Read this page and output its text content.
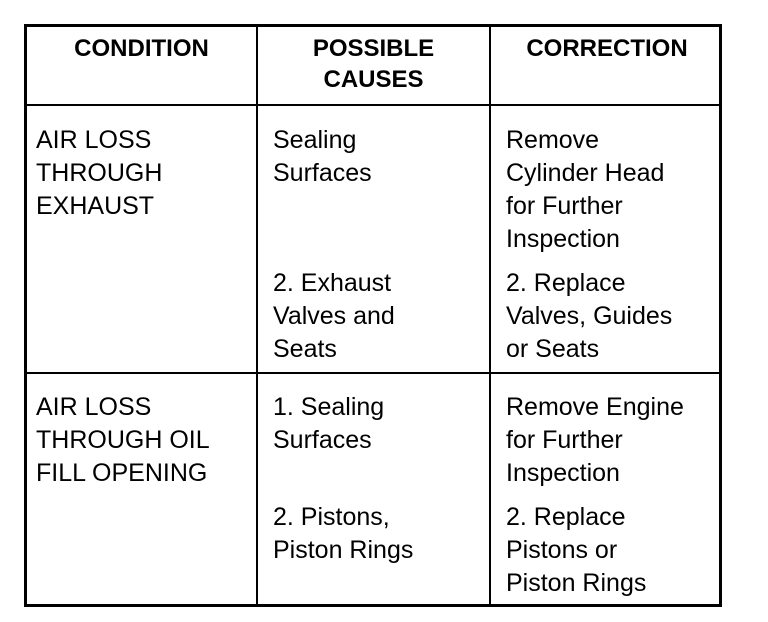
CONDITION	POSSIBLE
CAUSES
CORRECTION
AIR LOSS
THROUGH
EXHAUST
Sealing
Surfaces
Remove
Cylinder Head
for Further
Inspection
2. Exhaust
Valves and
Seats
2. Replace
Valves, Guides
or Seats
AIR LOSS
THROUGH OIL
FILL OPENING
1. Sealing
Surfaces
Remove Engine
for Further
Inspection
2. Pistons,
Piston Rings
2. Replace
Pistons or
Piston Rings
